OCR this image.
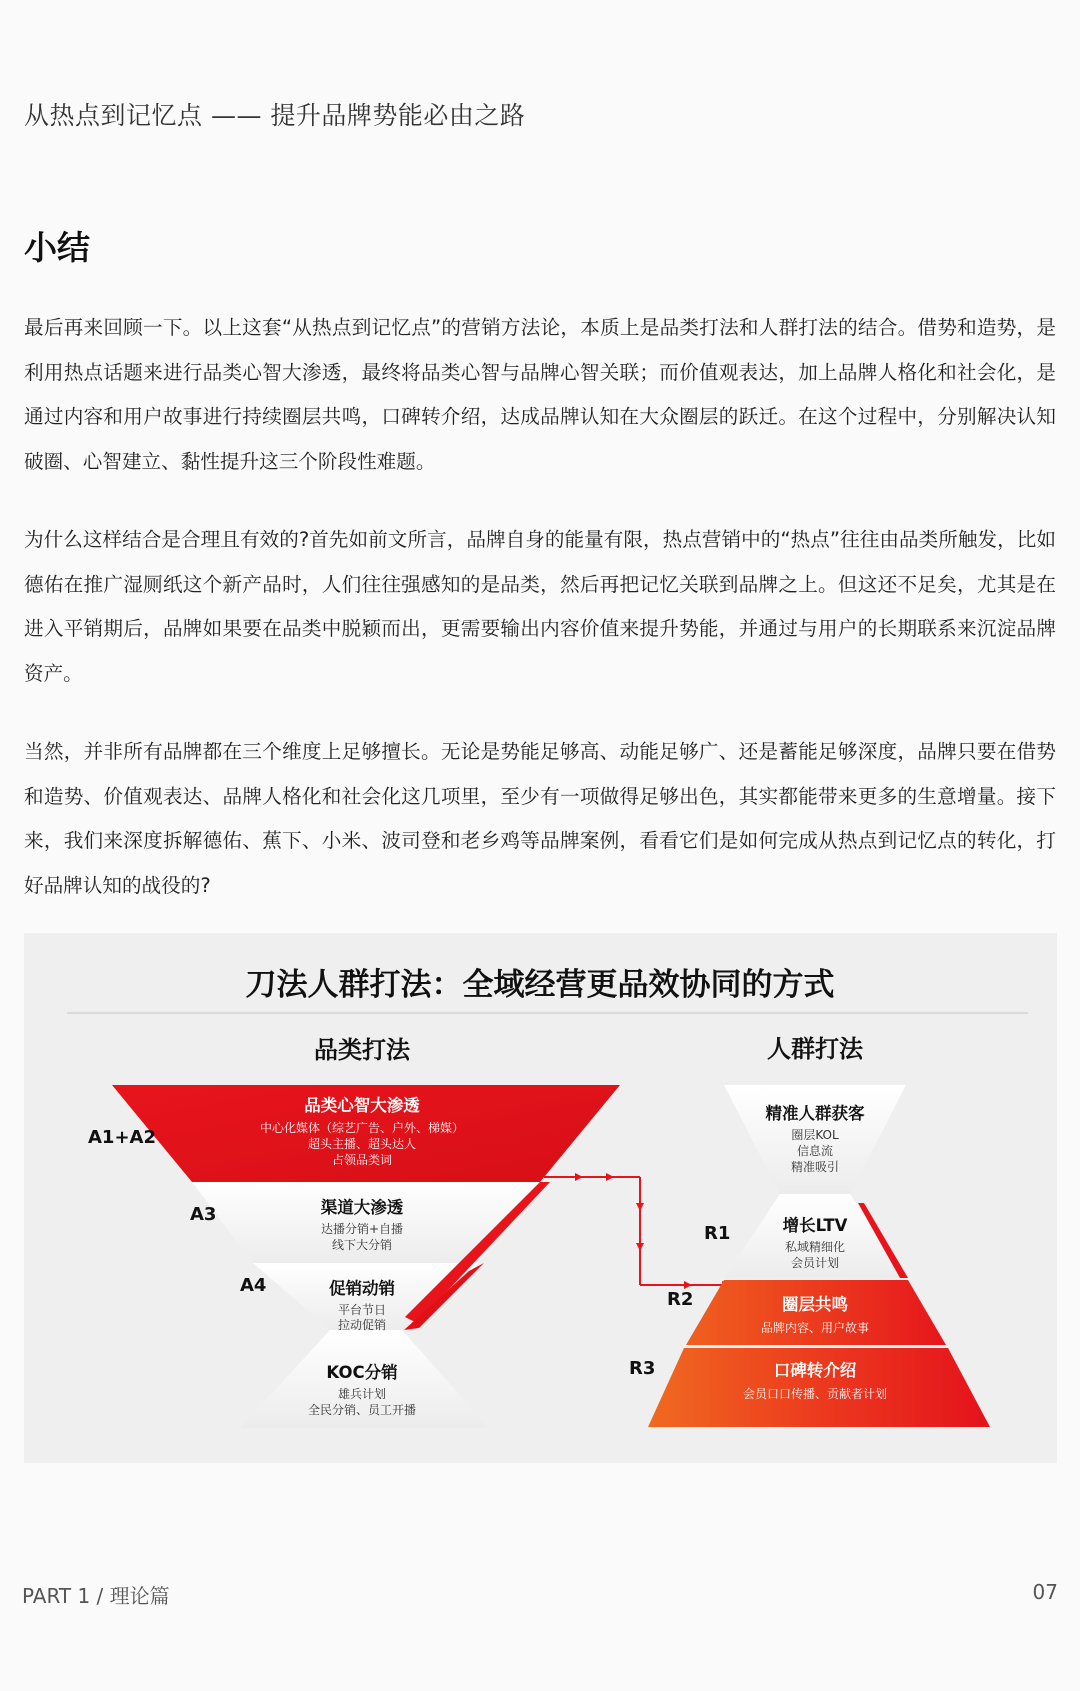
从热点到记忆点 —— 提升品牌势能必由之路
小结

最后再来回顾一下。以上这套“从热点到记忆点”的营销方法论，本质上是品类打法和人群打法的结合。借势和造势，是利用热点话题来进行品类心智大渗透，最终将品类心智与品牌心智关联；而价值观表达，加上品牌人格化和社会化，是通过内容和用户故事进行持续圈层共鸣，口碑转介绍，达成品牌认知在大众圈层的跃迁。在这个过程中，分别解决认知破圈、心智建立、黏性提升这三个阶段性难题。

为什么这样结合是合理且有效的?首先如前文所言，品牌自身的能量有限，热点营销中的“热点”往往由品类所触发，比如德佑在推广湿厕纸这个新产品时，人们往往强感知的是品类，然后再把记忆关联到品牌之上。但这还不足矣，尤其是在进入平销期后，品牌如果要在品类中脱颖而出，更需要输出内容价值来提升势能，并通过与用户的长期联系来沉淀品牌资产。

当然，并非所有品牌都在三个维度上足够擅长。无论是势能足够高、动能足够广、还是蓄能足够深度，品牌只要在借势和造势、价值观表达、品牌人格化和社会化这几项里，至少有一项做得足够出色，其实都能带来更多的生意增量。接下来，我们来深度拆解德佑、蕉下、小米、波司登和老乡鸡等品牌案例，看看它们是如何完成从热点到记忆点的转化，打好品牌认知的战役的?

刀法人群打法：全域经营更品效协同的方式
品类打法	人群打法
A1+A2
A3
A4
品类心智大渗透
中心化媒体（综艺广告、户外、梯媒）
超头主播、超头达人
占领品类词
渠道大渗透
达播分销+自播
线下大分销
促销动销
平台节日
拉动促销
KOC分销
雄兵计划
全民分销、员工开播
R1
R2
R3
精准人群获客
圈层KOL
信息流
精准吸引
增长LTV
私域精细化
会员计划
圈层共鸣
品牌内容、用户故事
口碑转介绍
会员口口传播、贡献者计划
PART 1 / 理论篇	07
